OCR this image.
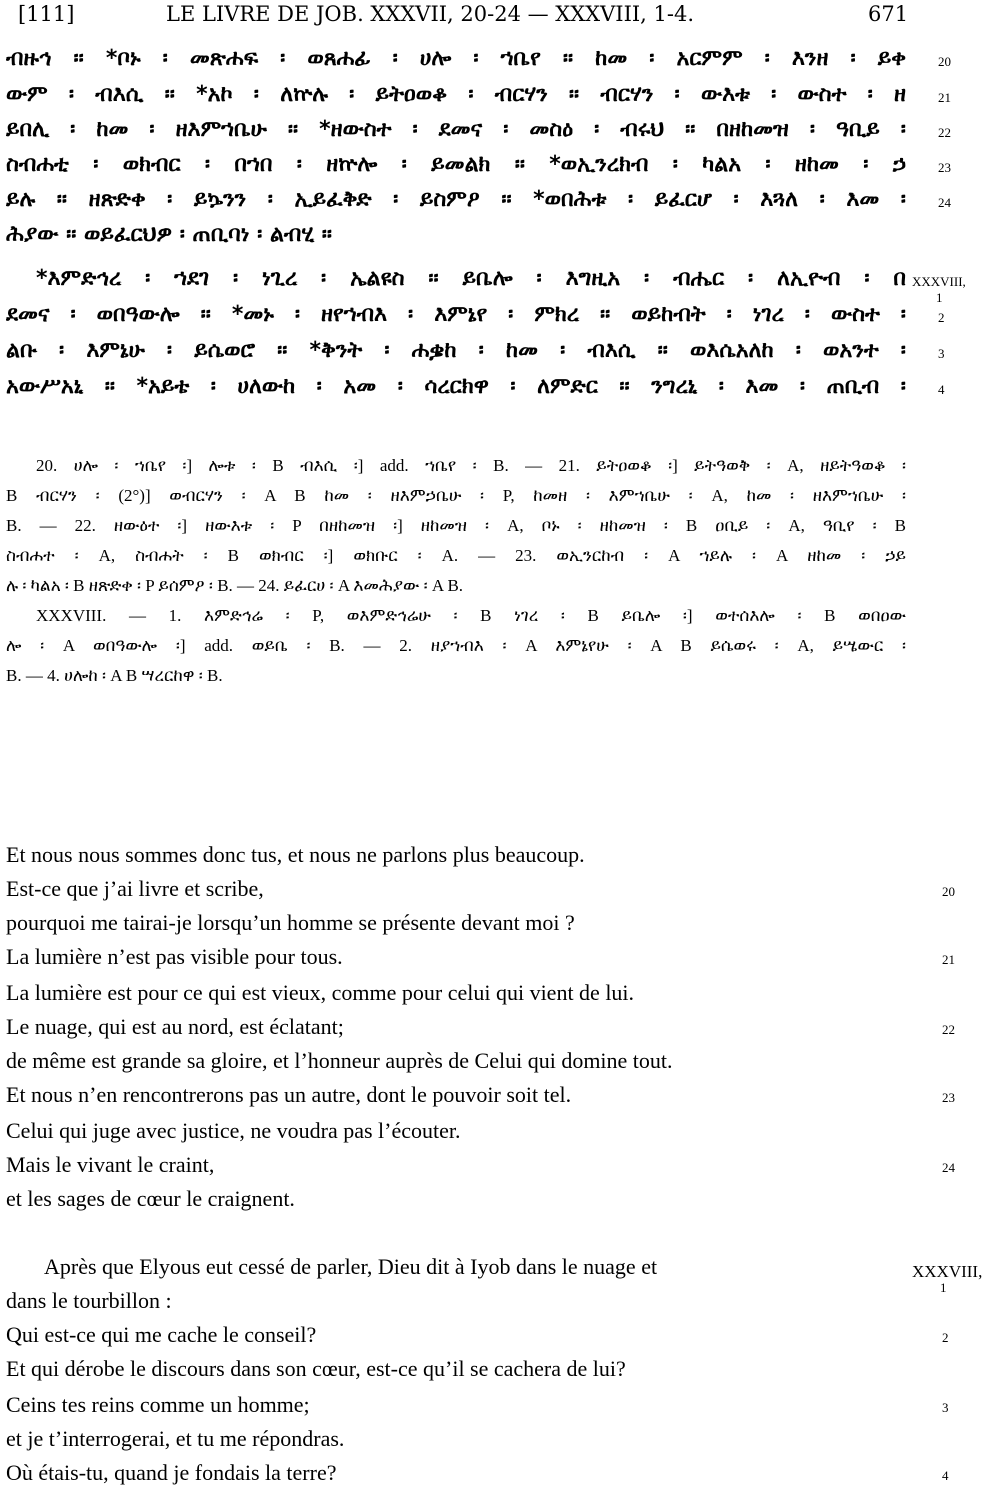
[111]	LE LIVRE DE JOB. XXXVII, 20-24 — XXXVIII, 1-4.	671
ብዙኅ ። *ቦኑ ፡ መጽሐፍ ፡ ወጸሐፊ ፡ ሀሎ ፡ ኀቤየ ። ከመ ፡ አርምም ፡ እንዘ ፡ ይቀ 20
ውም ፡ ብእሲ ። *አኮ ፡ ለኵሉ ፡ ይትዐወቆ ፡ ብርሃን ። ብርሃን ፡ ውእቱ ፡ ውስተ ፡ ዘ 21
ይበሊ ፡ ከመ ፡ ዘእምኀቤሁ ። *ዘውስተ ፡ ደመና ፡ መስዕ ፡ ብሩህ ። በዘከመዝ ፡ ዓቢይ ፡ 22
ስብሐቲ ፡ ወክብር ፡ በኀበ ፡ ዘኵሎ ፡ ይመልክ ። *ወኢንረክብ ፡ ካልአ ፡ ዘከመ ፡ ኃ 23
ይሉ ። ዘጽድቀ ፡ ይኴንን ፡ ኢይፈቅድ ፡ ይስምዖ ። *ወበሕቱ ፡ ይፈርሆ ፡ እጓለ ፡ እመ ፡ 24
ሕያው ። ወይፈርህዎ ፡ ጠቢባነ ፡ ልብሂ ።
*እምድኅረ ፡ ኀደገ ፡ ነጊረ ፡ ኤልዩስ ። ይቤሎ ፡ እግዚአ ፡ ብሔር ፡ ለኢዮብ ፡ በ XXXVIII,
1
ደመና ፡ ወበዓውሎ ። *መኑ ፡ ዘየኀብእ ፡ እምኔየ ፡ ምክረ ። ወይከብት ፡ ነገረ ፡ ውስተ ፡ 2
ልቡ ፡ እምኔሁ ፡ ይሴወሮ ። *ቅንት ፡ ሐቌከ ፡ ከመ ፡ ብእሲ ። ወእሴአለከ ፡ ወአንተ ፡ 3
አውሥአኒ ። *አይቴ ፡ ሀለውከ ፡ አመ ፡ ሳረርክዋ ፡ ለምድር ። ንግረኒ ፡ እመ ፡ ጠቢብ ፡ 4
20. ሀሎ ፡ ኀቤየ ፡] ሎቱ ፡ B ብእሲ ፡] add. ኀቤየ ፡ B. — 21. ይትዐወቆ ፡] ይትዓወቅ ፡ A, ዘይትዓወቆ ፡
B ብርሃን ፡ (2°)] ወብርሃን ፡ A B ከመ ፡ ዘእምኃቤሁ ፡ P, ከመዘ ፡ እምኀቤሁ ፡ A, ከመ ፡ ዘእምኀቤሁ ፡
B. — 22. ዘውዕተ ፡] ዘውእቱ ፡ P በዘከመዝ ፡] ዘከመዝ ፡ A, ቦኑ ፡ ዘከመዝ ፡ B ዐቢይ ፡ A, ዓቢየ ፡ B
ስብሐተ ፡ A, ስብሐት ፡ B ወክብር ፡] ወክቡር ፡ A. — 23. ወኢንርከብ ፡ A ኀይሉ ፡ A ዘከመ ፡ ኃይ
ሉ ፡ ካልአ ፡ B ዘጽድቀ ፡ P ይሰምዖ ፡ B. — 24. ይፈርሀ ፡ A እመሕያው ፡ A B.
XXXVIII. — 1. እምድኅሬ ፡ P, ወእምድኅሬሁ ፡ B ነገረ ፡ B ይቤሎ ፡] ወተሰእሎ ፡ B ወበዐው
ሎ ፡ A ወበዓውሎ ፡] add. ወይቤ ፡ B. — 2. ዘያኀብእ ፡ A እምኔየሁ ፡ A B ይሴወሩ ፡ A, ይሤውር ፡
B. — 4. ሀሎከ ፡ A B ሣረርከዋ ፡ B.
Et nous nous sommes donc tus, et nous ne parlons plus beaucoup.
Est-ce que j’ai livre et scribe,	20
pourquoi me tairai-je lorsqu’un homme se présente devant moi ?
La lumière n’est pas visible pour tous.	21
La lumière est pour ce qui est vieux, comme pour celui qui vient de lui.
Le nuage, qui est au nord, est éclatant;	22
de même est grande sa gloire, et l’honneur auprès de Celui qui domine tout.
Et nous n’en rencontrerons pas un autre, dont le pouvoir soit tel.	23
Celui qui juge avec justice, ne voudra pas l’écouter.
Mais le vivant le craint,	24
et les sages de cœur le craignent.
Après que Elyous eut cessé de parler, Dieu dit à Iyob dans le nuage et	XXXVIII,
1
dans le tourbillon :
Qui est-ce qui me cache le conseil?	2
Et qui dérobe le discours dans son cœur, est-ce qu’il se cachera de lui?
Ceins tes reins comme un homme;	3
et je t’interrogerai, et tu me répondras.
Où étais-tu, quand je fondais la terre?	4
